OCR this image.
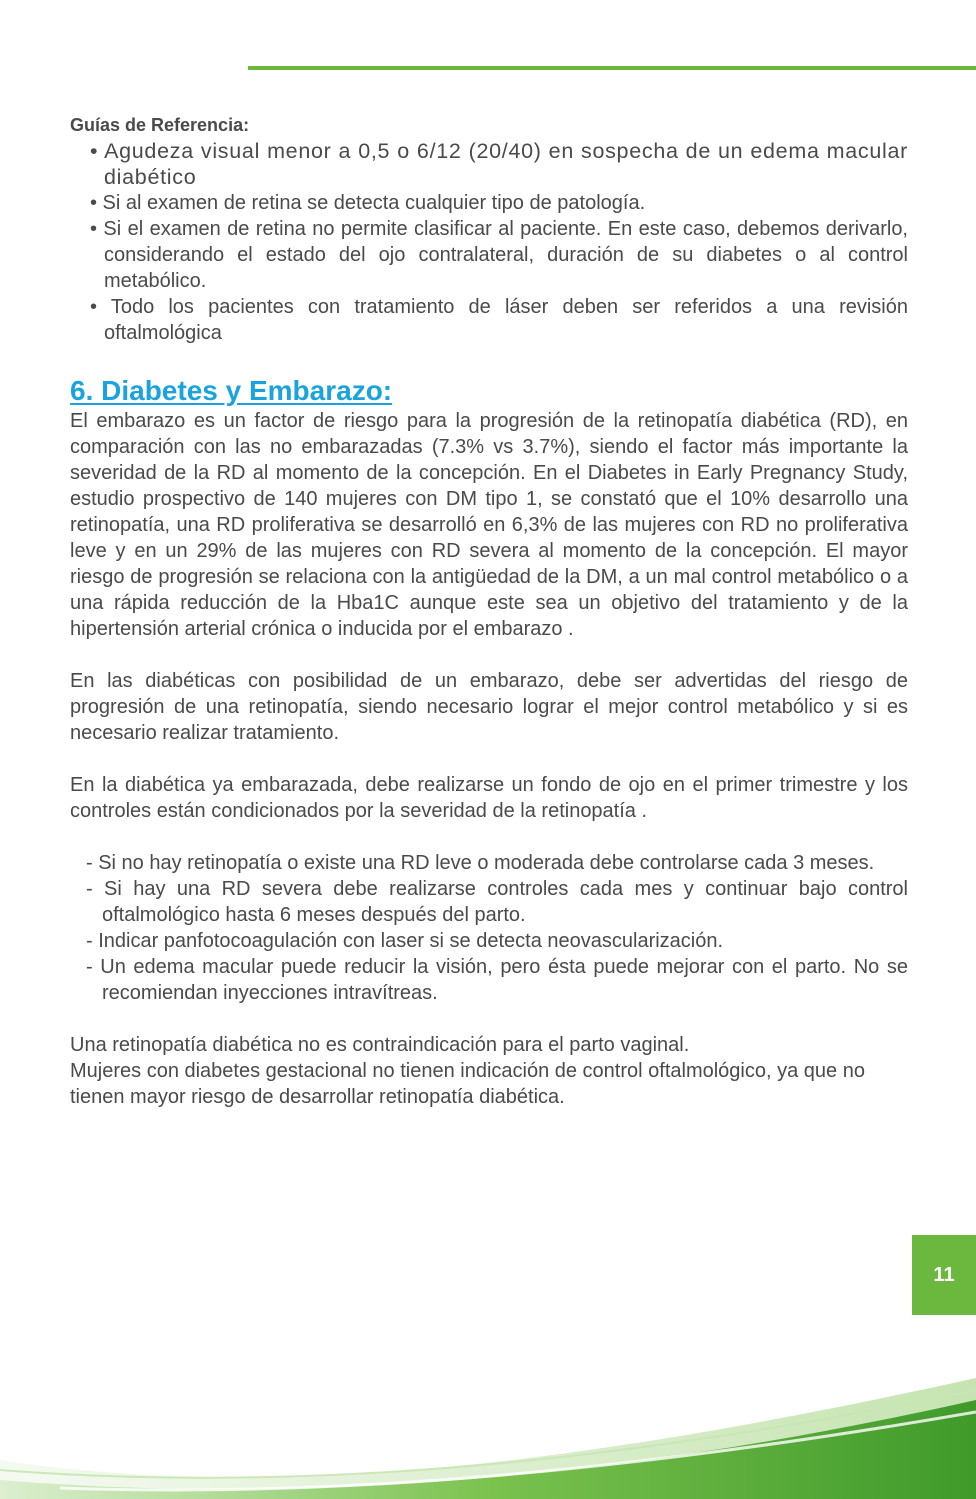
Guías de Referencia:
• Agudeza visual menor a 0,5 o 6/12 (20/40) en sospecha de un edema macular diabético
• Si al examen de retina se detecta cualquier tipo de patología.
• Si el examen de retina no permite clasificar al paciente. En este caso, debemos derivarlo, considerando el estado del ojo contralateral, duración de su diabetes o al control metabólico.
• Todo los pacientes con tratamiento de láser deben ser referidos a una revisión oftalmológica
6. Diabetes y Embarazo:

El embarazo es un factor de riesgo para la progresión de la retinopatía diabética (RD), en comparación con las no embarazadas (7.3% vs 3.7%), siendo el factor más importante la severidad de la RD al momento de la concepción. En el Diabetes in Early Pregnancy Study, estudio prospectivo de 140 mujeres con DM tipo 1, se constató que el 10% desarrollo una retinopatía, una RD proliferativa se desarrolló en 6,3% de las mujeres con RD no proliferativa leve y en un 29% de las mujeres con RD severa al momento de la concepción. El mayor riesgo de progresión se relaciona con la antigüedad de la DM, a un mal control metabólico o a una rápida reducción de la Hba1C aunque este sea un objetivo del tratamiento y de la hipertensión arterial crónica o inducida por el embarazo .

En las diabéticas con posibilidad de un embarazo, debe ser advertidas del riesgo de progresión de una retinopatía, siendo necesario lograr el mejor control metabólico y si es necesario realizar tratamiento.

En la diabética ya embarazada, debe realizarse un fondo de ojo en el primer trimestre y los controles están condicionados por la severidad de la retinopatía .

- Si no hay retinopatía o existe una RD leve o moderada debe controlarse cada 3 meses.
- Si hay una RD severa debe realizarse controles cada mes y continuar bajo control oftalmológico hasta 6 meses después del parto.
- Indicar panfotocoagulación con laser si se detecta neovascularización.
- Un edema macular puede reducir la visión, pero ésta puede mejorar con el parto. No se recomiendan inyecciones intravítreas.

Una retinopatía diabética no es contraindicación para el parto vaginal.

Mujeres con diabetes gestacional no tienen indicación de control oftalmológico, ya que no tienen mayor riesgo de desarrollar retinopatía diabética.

11
